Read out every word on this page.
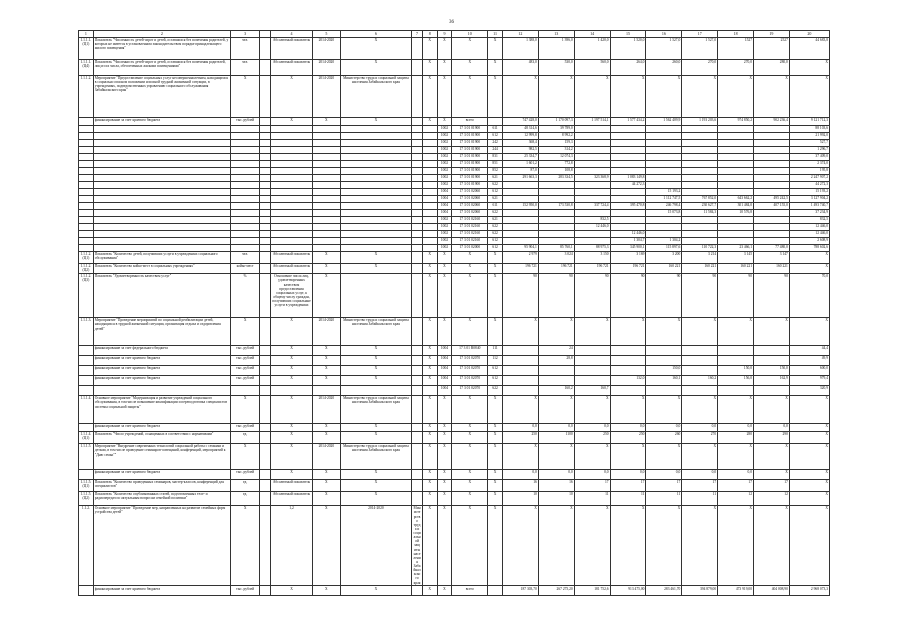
36
1	2	3		4	5	6	7	8	9	10	11	12	13	14	15	16	17	18	19	20
1.1.1.1. (Ц1)	Показатель "Численность детей-сирот и детей, оставшихся без попечения родителей, у которых не имеется в установленном законодательством порядке принадлежащего жилого помещения"	чел.		Абсолютный показатель	2014-2020	Х		Х	Х	Х	Х	1 388,0	1 396,0	1 420,0	1 520,0	1 527,0	1 527,0	1527	2527	44 683,8
1.1.1.1. (Ц4)	Показатель "Численность детей-сирот и детей, оставшихся без попечения родителей, лиц из их числа, обеспеченных жилыми помещениями"	чел.		Абсолютный показатель	2014-2020	Х		Х	Х	Х	Х	483,0	530,0	560,0	264,0	260,0	270,0	270,0	280,0	Х
1.1.1.2.	Мероприятие "Предоставление социальных услуг несовершеннолетним, находящимся в социально опасном положении или иной трудной жизненной ситуации, в учреждениях, подведомственных управлению социального обслуживания Забайкальского края"	Х		Х	2014-2020	Министерство труда и социальной защиты населения Забайкальского края		Х	Х	Х	Х	Х	Х	Х	Х	Х	Х	Х	Х	Х
	финансирование за счет краевого бюджета	тыс. рублей		Х	Х	Х		Х	Х	всего		747 428,0	1 170 097,3	1 197 514,1	1 577 434,2	1 562 409,9	1 193 203,6	974 850,2	902 236,4	9 121 712,3
									1002	17 3 01 01900	611	48 314,6	39 789,0							88 103,6
									1002	17 3 01 01900	612	12 999,8	8 992,2							21 992,0
									1002	17 3 01 01900	242	368,4	159,3							527,7
									1002	17 3 01 01900	244	982,5	314,2							1 296,7
									1002	17 3 01 01900	831	25 334,7	12 074,3							37 409,0
									1002	17 3 01 01900	851	1 601,2	772,8							2 374,0
									1002	17 3 01 01900	852	87,0	108,8							195,8
									1002	17 3 01 01900	621	291 663,3	283 334,5	323 368,9	1 083 149,8					2 247 907,2
									1002	17 3 01 01900	622				44 272,3					44 272,3
									1004	17 3 01 02060	612					15 193,2				15 193,2
									1004	17 3 01 02060	621					1 112 747,5	767 852,0	643 662,2	495 242,5	3 127 904,2
									1004	17 3 01 02060	611	152 950,0	173 530,8	337 724,4	395 470,8	246 798,4	230 627,7	301 484,0	407 155,0	1 493 740,7
									1004	17 3 01 02060	622					15 073,8	11 584,3	10 576,8		37 234,9
									1002	17 3 01 02160	621			832,5						832,5
									1002	17 3 01 02160	622			12 446,0						12 446,0
									1002	17 3 01 02160	622				12 446,0					12 446,0
									1002	17 3 01 02160	612				1 304,7	1 304,2				2 608,9
									1002	17 3 01 02000	612	95 904,1	85 760,1	88 975,3	345 900,1	115 897,6	110 722,3	23 466,1	77 480,0	788 602,6
1.1.1.2. (Ц1)	Показатель "Количество детей, получивших услуги в учреждениях социального обслуживания"	чел.		Абсолютный показатель	Х	Х		Х	Х	Х	Х	2 979	3 024	3 150	3 169	3 200	3 214	3 145	3 147	Х
1.1.1.2. (Ц2)	Показатель "Количество койко-мест в социальных учреждениях"	койко-мест		Абсолютный показатель	Х	Х		Х	Х	Х	Х	196 721	196 721	196 721	196 721	160 221	160 221	160 221	160 221	Х
1.1.1.2. (Ц3)	Показатель "Удовлетворенность качеством услуг"	%		Отношение числа лиц, удовлетворенных качеством предоставления социальных услуг, к общему числу граждан, получивших социальные услуги в учреждениях	Х			Х	Х	Х	Х	90	90	90	90	90	90	90	90	70,0
1.1.1.3.	Мероприятие "Проведение мероприятий по социальной реабилитации детей, находящихся в трудной жизненной ситуации, организация отдыха и оздоровления детей"	Х		Х	2014-2020	Министерство труда и социальной защиты населения Забайкальского края		Х	Х	Х	Х	Х	Х	Х	Х	Х	Х	Х	Х	Х
	финансирование за счет федерального бюджета	тыс. рублей		Х	Х	Х		Х	1004	17 3 01 R0840	111		24							44,4
	финансирование за счет краевого бюджета	тыс. рублей		Х	Х	Х		Х	1004	17 3 01 02070	112		28,8							49,9
	финансирование за счет краевого бюджета	тыс. рублей		Х	Х	Х		Х	1004	17 3 01 02070	612					150,0		150,0	150,0	600,0
	финансирование за счет краевого бюджета	тыс. рублей		Х	Х	Х		Х	1004	17 3 01 02070	612				132,0	160,1	160,2	156,0	162,9	979,4
									1004	17 3 01 02070	622		160,2	160,7						320,9
1.1.1.4.	Основное мероприятие "Модернизация и развитие учреждений социального обслуживания, в том числе повышение квалификации и переподготовка специалистов системы социальной защиты"	Х		Х	2014-2020	Министерство труда и социальной защиты населения Забайкальского края		Х	Х	Х	Х	Х	Х	Х	Х	Х	Х	Х	Х	Х
	финансирование за счет краевого бюджета	тыс. рублей		Х	Х	Х		Х	Х	Х	Х	0,0	0,0	0,0	0,0	0,0	0,0	0,0	0,0	Х
1.1.1.4. (Ц1)	Показатель "Число учреждений, оснащенных в соответствии с нормативами"	ед.		Х	Х	Х		Х	Х	Х	Х	250	1100	250	250	260	270	280	290	Х
1.1.1.5.	Мероприятие "Внедрение современных технологий социальной работы с семьями и детьми, в том числе проведение семинаров-совещаний, конференций, мероприятий к "Дню семьи""	Х		Х	2014-2020	Министерство труда и социальной защиты населения Забайкальского края		Х	Х	Х	Х	Х	Х	Х	Х	Х	Х	Х	Х	Х
	финансирование за счет краевого бюджета	тыс. рублей		Х	Х	Х		Х	Х	Х	Х	0,0	0,0	0,0	0,0	0,0	0,0	0,0	Х	Х
1.1.1.5. (Ц1)	Показатель "Количество проведенных семинаров, мастер-классов, конференций для специалистов"	ед.		Абсолютный показатель	Х	Х		Х	Х	Х	Х	16	16	17	17	17	17	17	17	Х
1.1.1.5. (Ц2)	Показатель "Количество опубликованных статей, подготовленных теле- и радиопередач по актуальным вопросам семейной политики"	ед.		Абсолютный показатель	Х	Х		Х	Х	Х	Х	10	10	11	11	11	11	12	12	Х
1.1.2.	Основное мероприятие "Проведение мер, направленных на развитие семейных форм устройства детей"	Х		1,2	Х	2014-2020	Министерство труда и социальной защиты населения Забайкальского края	Х	Х	Х	Х	Х	Х	Х	Х	Х	Х	Х	Х	Х
	финансирование за счет краевого бюджета	тыс. рублей		Х	Х	Х		Х	Х	всего		187 303,70	267 275,20	181 752,6	913 475,00	283 461,70	394 879,00	473 919,00	404 008,90	2 968 073,3
